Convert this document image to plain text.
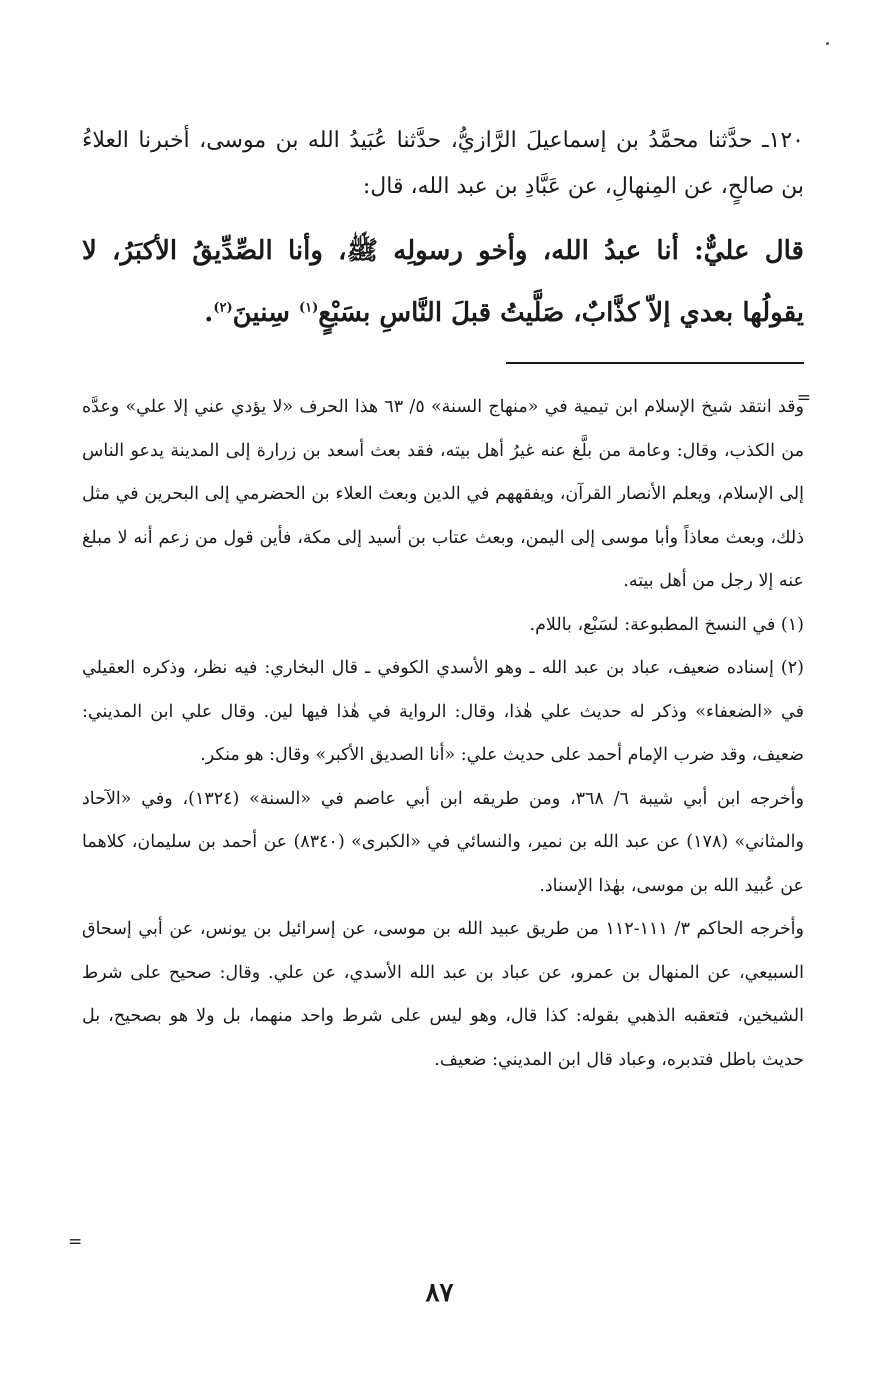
١٢٠ـ حدَّثنا محمَّدُ بن إسماعيلَ الرَّازيُّ، حدَّثنا عُبَيدُ الله بن موسى، أخبرنا العلاءُ بن صالحٍ، عن المِنهالِ، عن عَبَّادِ بن عبد الله، قال:

قال عليٌّ: أنا عبدُ الله، وأخو رسولِه ﷺ، وأنا الصِّدِّيقُ الأكبَرُ، لا يقولُها بعدي إلاّ كذَّابٌ، صَلَّيتُ قبلَ النَّاسِ بسَبْعٍ$^{(١)}$ سِنينَ$^{(٢)}$.

وقد انتقد شيخ الإسلام ابن تيمية في «منهاج السنة» ٥/ ٦٣ هذا الحرف «لا يؤدي عني إلا علي» وعدَّه من الكذب، وقال: وعامة من بلَّغ عنه غيرُ أهل بيته، فقد بعث أسعد بن زرارة إلى المدينة يدعو الناس إلى الإسلام، ويعلم الأنصار القرآن، ويفقههم في الدين وبعث العلاء بن الحضرمي إلى البحرين في مثل ذلك، وبعث معاذاً وأبا موسى إلى اليمن، وبعث عتاب بن أسيد إلى مكة، فأين قول من زعم أنه لا مبلغ عنه إلا رجل من أهل بيته.

(١) في النسخ المطبوعة: لسَبْع، باللام.

(٢) إسناده ضعيف، عباد بن عبد الله ـ وهو الأسدي الكوفي ـ قال البخاري: فيه نظر، وذكره العقيلي في «الضعفاء» وذكر له حديث علي هٰذا، وقال: الرواية في هٰذا فيها لين. وقال علي ابن المديني: ضعيف، وقد ضرب الإمام أحمد على حديث علي: «أنا الصديق الأكبر» وقال: هو منكر.

وأخرجه ابن أبي شيبة ٦/ ٣٦٨، ومن طريقه ابن أبي عاصم في «السنة» (١٣٢٤)، وفي «الآحاد والمثاني» (١٧٨) عن عبد الله بن نمير، والنسائي في «الكبرى» (٨٣٤٠) عن أحمد بن سليمان، كلاهما عن عُبيد الله بن موسى، بهٰذا الإسناد.

وأخرجه الحاكم ٣/ ١١١-١١٢ من طريق عبيد الله بن موسى، عن إسرائيل بن يونس، عن أبي إسحاق السبيعي، عن المنهال بن عمرو، عن عباد بن عبد الله الأسدي، عن علي. وقال: صحيح على شرط الشيخين، فتعقبه الذهبي بقوله: كذا قال، وهو ليس على شرط واحد منهما، بل ولا هو بصحيح، بل حديث باطل فتدبره، وعباد قال ابن المديني: ضعيف.

=
=
٨٧
